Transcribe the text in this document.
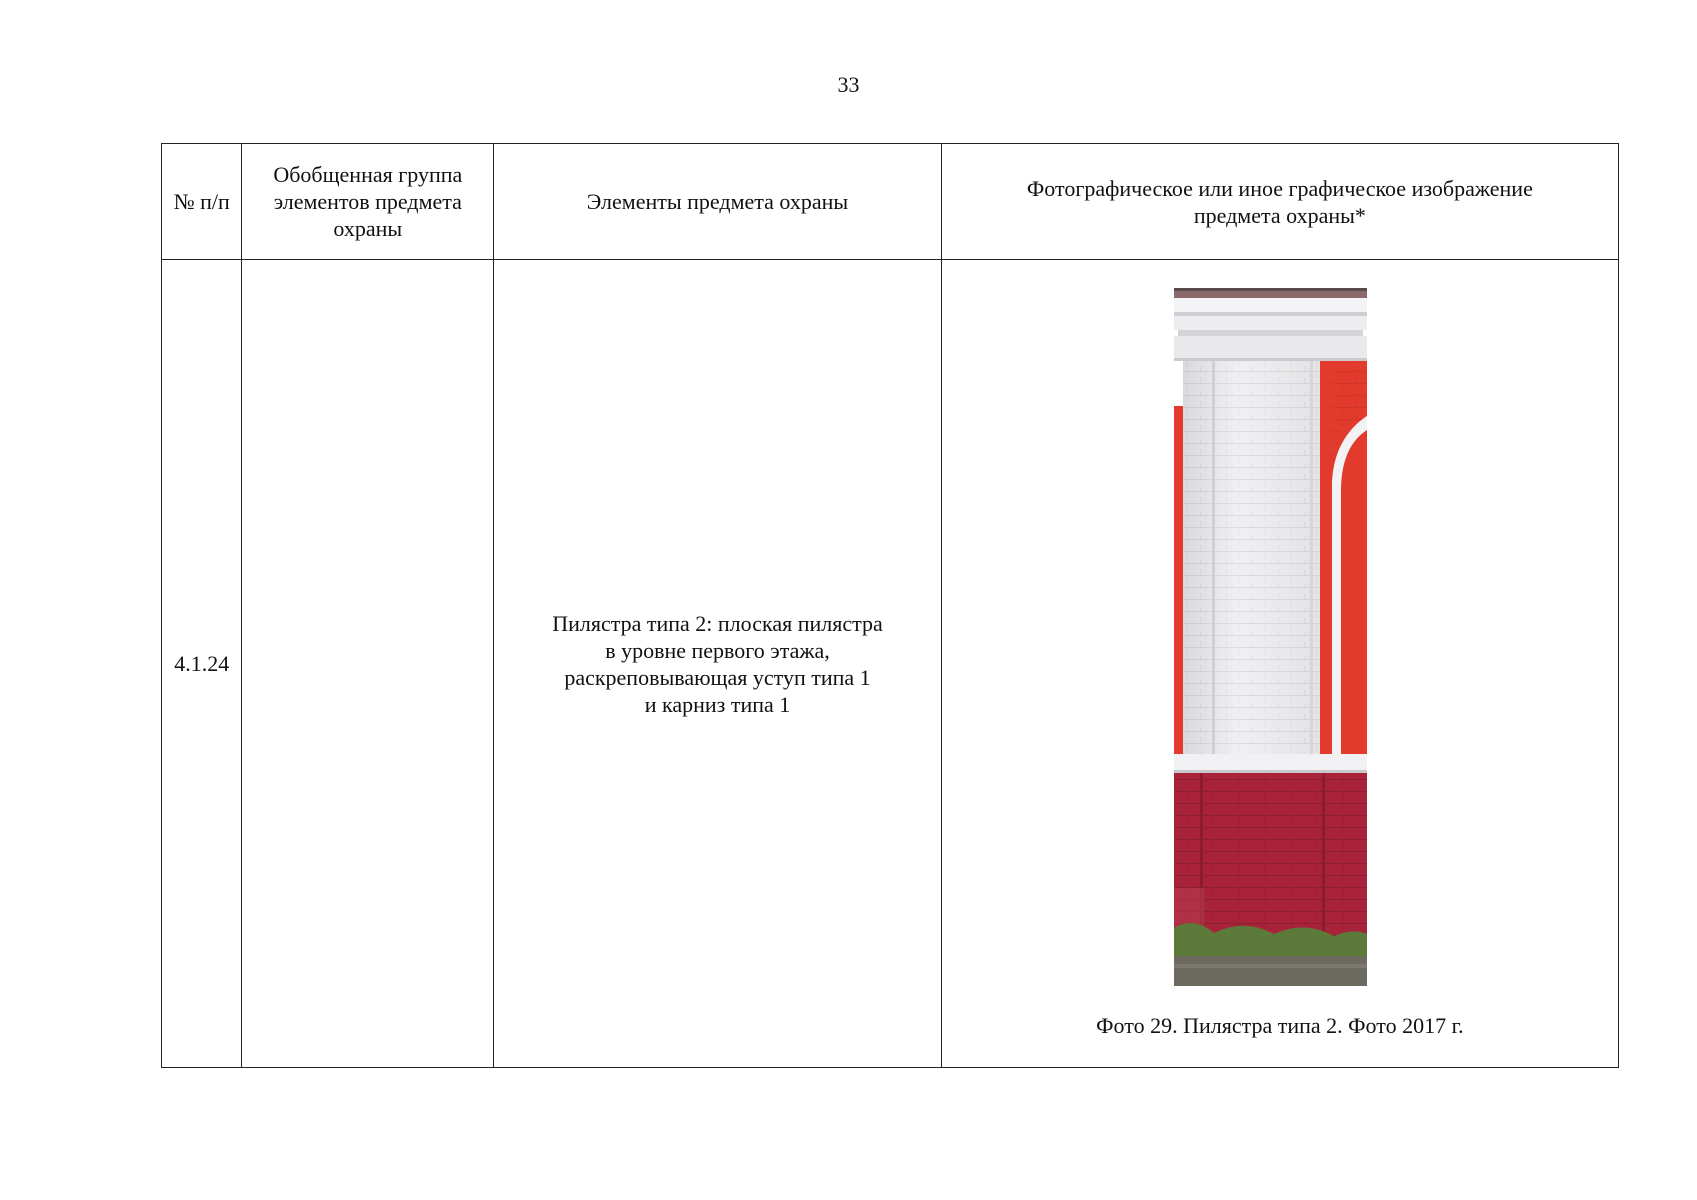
33
№ п/п	Обобщенная группа элементов предмета охраны	Элементы предмета охраны	Фотографическое или иное графическое изображение предмета охраны*
4.1.24		Пилястра типа 2: плоская пилястра
в уровне первого этажа,
раскреповывающая уступ типа 1
и карниз типа 1	Фото 29. Пилястра типа 2. Фото 2017 г.
